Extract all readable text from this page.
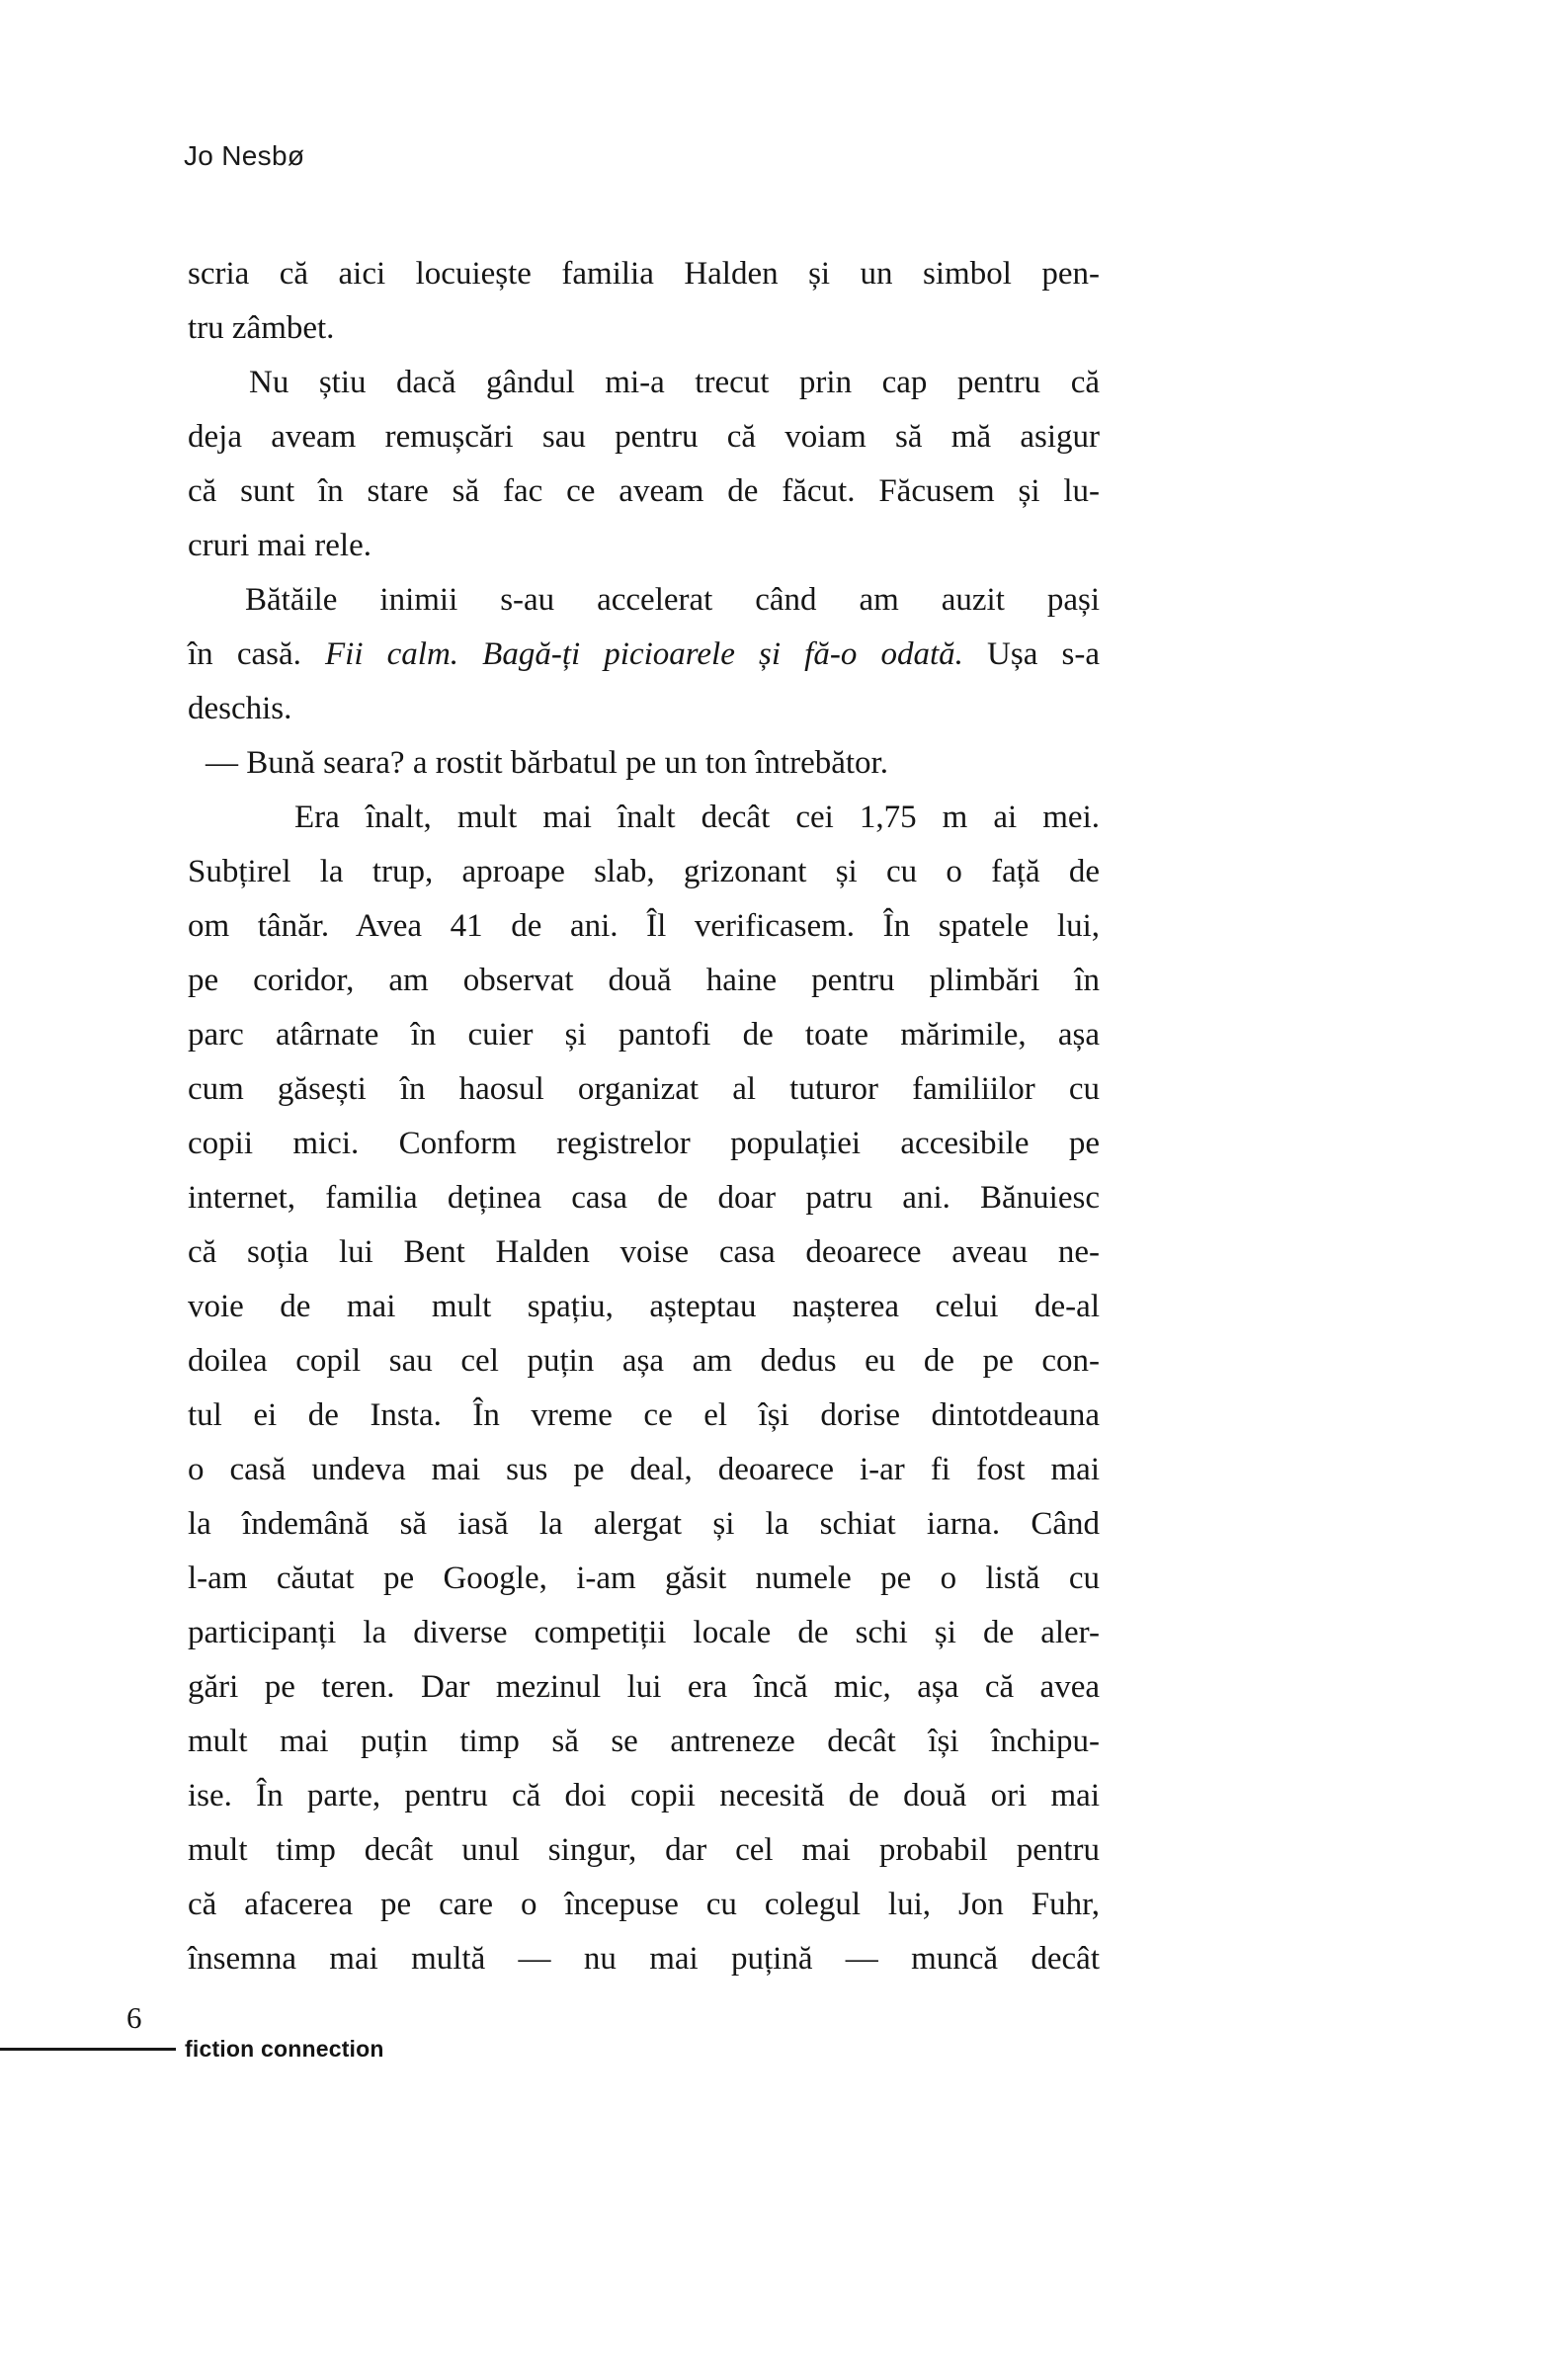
Jo Nesbø
scria că aici locuiește familia Halden și un simbol pen-
tru zâmbet.
Nu știu dacă gândul mi-a trecut prin cap pentru că
deja aveam remușcări sau pentru că voiam să mă asigur
că sunt în stare să fac ce aveam de făcut. Făcusem și lu-
cruri mai rele.
Bătăile inimii s-au accelerat când am auzit pași
în casă. Fii calm. Bagă-ți picioarele și fă-o odată. Ușa s-a
deschis.
— Bună seara? a rostit bărbatul pe un ton întrebător.
Era înalt, mult mai înalt decât cei 1,75 m ai mei.
Subțirel la trup, aproape slab, grizonant și cu o față de
om tânăr. Avea 41 de ani. Îl verificasem. În spatele lui,
pe coridor, am observat două haine pentru plimbări în
parc atârnate în cuier și pantofi de toate mărimile, așa
cum găsești în haosul organizat al tuturor familiilor cu
copii mici. Conform registrelor populației accesibile pe
internet, familia deținea casa de doar patru ani. Bănuiesc
că soția lui Bent Halden voise casa deoarece aveau ne-
voie de mai mult spațiu, așteptau nașterea celui de-al
doilea copil sau cel puțin așa am dedus eu de pe con-
tul ei de Insta. În vreme ce el își dorise dintotdeauna
o casă undeva mai sus pe deal, deoarece i-ar fi fost mai
la îndemână să iasă la alergat și la schiat iarna. Când
l-am căutat pe Google, i-am găsit numele pe o listă cu
participanți la diverse competiții locale de schi și de aler-
gări pe teren. Dar mezinul lui era încă mic, așa că avea
mult mai puțin timp să se antreneze decât își închipu-
ise. În parte, pentru că doi copii necesită de două ori mai
mult timp decât unul singur, dar cel mai probabil pentru
că afacerea pe care o începuse cu colegul lui, Jon Fuhr,
însemna mai multă — nu mai puțină — muncă decât
6
fiction connection
